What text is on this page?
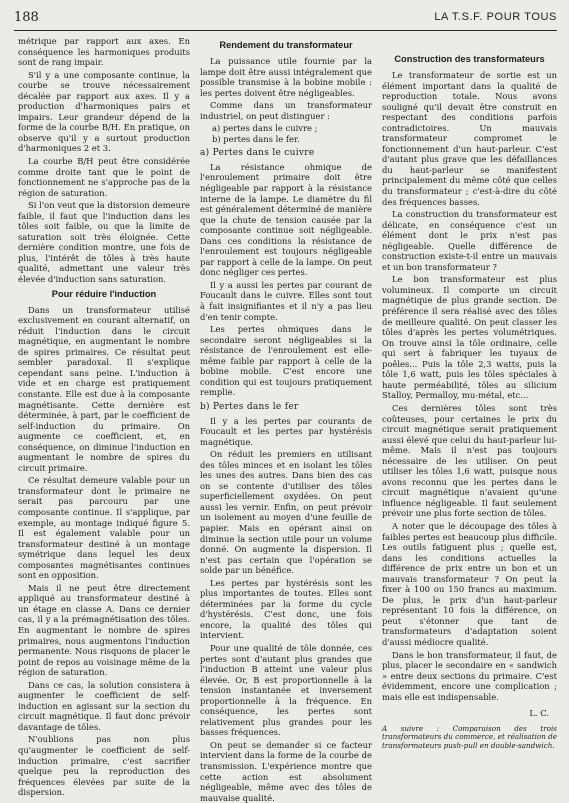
188	LA T.S.F. POUR TOUS

métrique par rapport aux axes. En conséquence les harmoniques produits sont de rang impair.

S'il y a une composante continue, la courbe se trouve nécessairement décalée par rapport aux axes. Il y a production d'harmoniques pairs et impairs. Leur grandeur dépend de la forme de la courbe B/H. En pratique, on observe qu'il y a surtout production d'harmoniques 2 et 3.

La courbe B/H peut être considérée comme droite tant que le point de fonctionnement ne s'approche pas de la région de saturation.

Si l'on veut que la distorsion demeure faible, il faut que l'induction dans les tôles soit faible, ou que la limite de saturation soit très éloignée. Cette dernière condition montre, une fois de plus, l'intérêt de tôles à très haute qualité, admettant une valeur très élevée d'induction sans saturation.

Pour réduire l'induction

Dans un transformateur utilisé exclusivement en courant alternatif, on réduit l'induction dans le circuit magnétique, en augmentant le nombre de spires primaires. Ce résultat peut sembler paradoxal. Il s'explique cependant sans peine. L'induction à vide et en charge est pratiquement constante. Elle est due à la composante magnétisante. Cette dernière est déterminée, à part, par le coefficient de self-induction du primaire. On augmente ce coefficient, et, en conséquence, on diminue l'induction en augmentant le nombre de spires du circuit primaire.

Ce résultat demeure valable pour un transformateur dont le primaire ne serait pas parcouru par une composante continue. Il s'applique, par exemple, au montage indiqué figure 5. Il est également valable pour un transformateur destiné à un montage symétrique dans lequel les deux composantes magnétisantes continues sont en opposition.

Mais il ne peut être directement appliqué au transformateur destiné à un étage en classe A. Dans ce dernier cas, il y a la prémagnétisation des tôles. En augmentant le nombre de spires primaires, nous augmentons l'induction permanente. Nous risquons de placer le point de repos au voisinage même de la région de saturation.

Dans ce cas, la solution consistera à augmenter le coefficient de self-induction en agissant sur la section du circuit magnétique. Il faut donc prévoir davantage de tôles.

N'oublions pas non plus qu'augmenter le coefficient de self-induction primaire, c'est sacrifier quelque peu la reproduction des fréquences élevées par suite de la dispersion.

Rendement du transformateur

La puissance utile fournie par la lampe doit être aussi intégralement que possible transmise à la bobine mobile : les pertes doivent être négligeables.

Comme dans un transformateur industriel, on peut distinguer :

a) pertes dans le cuivre ;
b) pertes dans le fer.
a) Pertes dans le cuivre

La résistance ohmique de l'enroulement primaire doit être négligeable par rapport à la résistance interne de la lampe. Le diamètre du fil est généralement déterminé de manière que la chute de tension causée par la composante continue soit négligeable. Dans ces conditions la résistance de l'enroulement est toujours négligeable par rapport à celle de la lampe. On peut donc négliger ces pertes.

Il y a aussi les pertes par courant de Foucault dans le cuivre. Elles sont tout à fait insignifiantes et il n'y a pas lieu d'en tenir compte.

Les pertes ohmiques dans le secondaire seront négligeables si la résistance de l'enroulement est elle-même faible par rapport à celle de la bobine mobile. C'est encore une condition qui est toujours pratiquement remplie.

b) Pertes dans le fer

Il y a les pertes par courants de Foucault et les pertes par hystérésis magnétique.

On réduit les premiers en utilisant des tôles minces et en isolant les tôles les unes des autres. Dans bien des cas on se contente d'utiliser des tôles superficiellement oxydées. On peut aussi les vernir. Enfin, on peut prévoir un isolement au moyen d'une feuille de papier. Mais en opérant ainsi on diminue la section utile pour un volume donné. On augmente la dispersion. Il n'est pas certain que l'opération se solde par un bénéfice.

Les pertes par hystérésis sont les plus importantes de toutes. Elles sont déterminées par la forme du cycle d'hystérésis. C'est donc, une fois encore, la qualité des tôles qui intervient.

Pour une qualité de tôle donnée, ces pertes sont d'autant plus grandes que l'induction B atteint une valeur plus élevée. Or, B est proportionnelle à la tension instantanée et inversement proportionnelle à la fréquence. En conséquence, les pertes sont relativement plus grandes pour les basses fréquences.

On peut se demander si ce facteur intervient dans la forme de la courbe de transmission. L'expérience montre que cette action est absolument négligeable, même avec des tôles de mauvaise qualité.

Construction des transformateurs

Le transformateur de sortie est un élément important dans la qualité de reproduction totale. Nous avons souligné qu'il devait être construit en respectant des conditions parfois contradictoires. Un mauvais transformateur compromet le fonctionnement d'un haut-parleur. C'est d'autant plus grave que les défaillances du haut-parleur se manifestent principalement du même côté que celles du transformateur ; c'est-à-dire du côté des fréquences basses.

La construction du transformateur est délicate, en conséquence c'est un élément dont le prix n'est pas négligeable. Quelle différence de construction existe-t-il entre un mauvais et un bon transformateur ?

Le bon transformateur est plus volumineux. Il comporte un circuit magnétique de plus grande section. De préférence il sera réalisé avec des tôles de meilleure qualité. On peut classer les tôles d'après les pertes volumétriques. On trouve ainsi la tôle ordinaire, celle qui sert à fabriquer les tuyaux de poêles... Puis la tôle 2,3 watts, puis la tôle 1,6 watt, puis les tôles spéciales à haute perméabilité, tôles au silicium Stalloy, Permalloy, mu-métal, etc...

Ces dernières tôles sont très coûteuses, pour certaines le prix du circuit magnétique serait pratiquement aussi élevé que celui du haut-parleur lui-même. Mais il n'est pas toujours nécessaire de les utiliser. On peut utiliser les tôles 1,6 watt, puisque nous avons reconnu que les pertes dans le circuit magnétique n'avaient qu'une influence négligeable. Il faut seulement prévoir une plus forte section de tôles.

A noter que le découpage des tôles à faibles pertes est beaucoup plus difficile. Les outils fatiguent plus ; quelle est, dans les conditions actuelles la différence de prix entre un bon et un mauvais transformateur ? On peut la fixer à 100 ou 150 francs au maximum. De plus, le prix d'un haut-parleur représentant 10 fois la différence, on peut s'étonner que tant de transformateurs d'adaptation soient d'aussi médiocre qualité.

Dans le bon transformateur, il faut, de plus, placer le secondaire en « sandwich » entre deux sections du primaire. C'est évidemment, encore une complication ; mais elle est indispensable.

L. C.
A suivre : Comparaison des trois transformateurs du commerce, et réalisation de transformateurs push-pull en double-sandwich.
